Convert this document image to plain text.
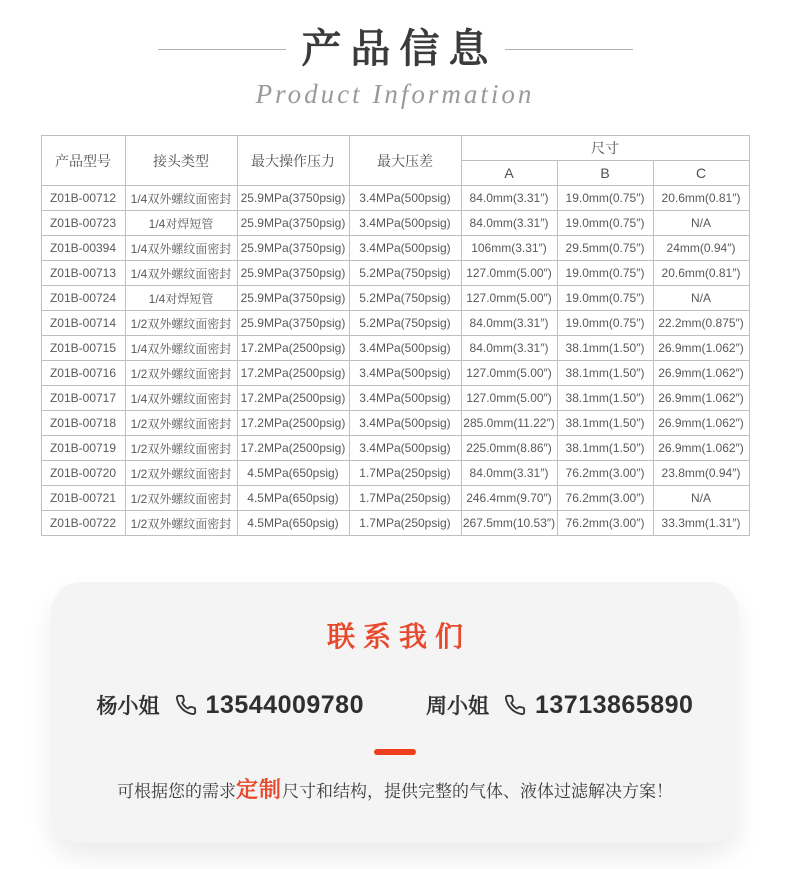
产品信息
Product Information
产品型号	接头类型	最大操作压力	最大压差	尺寸		
				A	B	C
Z01B-00712	1/4双外螺纹面密封	25.9MPa(3750psig)	3.4MPa(500psig)	84.0mm(3.31″)	19.0mm(0.75″)	20.6mm(0.81″)
Z01B-00723	1/4对焊短管	25.9MPa(3750psig)	3.4MPa(500psig)	84.0mm(3.31″)	19.0mm(0.75″)	N/A
Z01B-00394	1/4双外螺纹面密封	25.9MPa(3750psig)	3.4MPa(500psig)	106mm(3.31″)	29.5mm(0.75″)	24mm(0.94″)
Z01B-00713	1/4双外螺纹面密封	25.9MPa(3750psig)	5.2MPa(750psig)	127.0mm(5.00″)	19.0mm(0.75″)	20.6mm(0.81″)
Z01B-00724	1/4对焊短管	25.9MPa(3750psig)	5.2MPa(750psig)	127.0mm(5.00″)	19.0mm(0.75″)	N/A
Z01B-00714	1/2双外螺纹面密封	25.9MPa(3750psig)	5.2MPa(750psig)	84.0mm(3.31″)	19.0mm(0.75″)	22.2mm(0.875″)
Z01B-00715	1/4双外螺纹面密封	17.2MPa(2500psig)	3.4MPa(500psig)	84.0mm(3.31″)	38.1mm(1.50″)	26.9mm(1.062″)
Z01B-00716	1/2双外螺纹面密封	17.2MPa(2500psig)	3.4MPa(500psig)	127.0mm(5.00″)	38.1mm(1.50″)	26.9mm(1.062″)
Z01B-00717	1/4双外螺纹面密封	17.2MPa(2500psig)	3.4MPa(500psig)	127.0mm(5.00″)	38.1mm(1.50″)	26.9mm(1.062″)
Z01B-00718	1/2双外螺纹面密封	17.2MPa(2500psig)	3.4MPa(500psig)	285.0mm(11.22″)	38.1mm(1.50″)	26.9mm(1.062″)
Z01B-00719	1/2双外螺纹面密封	17.2MPa(2500psig)	3.4MPa(500psig)	225.0mm(8.86″)	38.1mm(1.50″)	26.9mm(1.062″)
Z01B-00720	1/2双外螺纹面密封	4.5MPa(650psig)	1.7MPa(250psig)	84.0mm(3.31″)	76.2mm(3.00″)	23.8mm(0.94″)
Z01B-00721	1/2双外螺纹面密封	4.5MPa(650psig)	1.7MPa(250psig)	246.4mm(9.70″)	76.2mm(3.00″)	N/A
Z01B-00722	1/2双外螺纹面密封	4.5MPa(650psig)	1.7MPa(250psig)	267.5mm(10.53″)	76.2mm(3.00″)	33.3mm(1.31″)
联系我们
杨小姐 13544009780	周小姐 13713865890
可根据您的需求定制尺寸和结构，提供完整的气体、液体过滤解决方案！
